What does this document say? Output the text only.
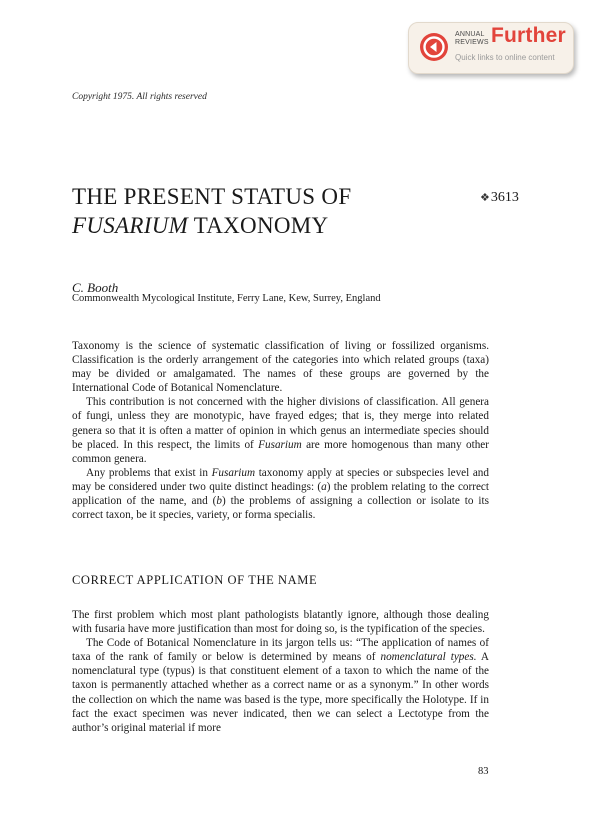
ANNUAL
REVIEWS Further
Quick links to online content
Copyright 1975. All rights reserved
THE PRESENT STATUS OF
FUSARIUM TAXONOMY
❖3613
C. Booth
Commonwealth Mycological Institute, Ferry Lane, Kew, Surrey, England

Taxonomy is the science of systematic classification of living or fossilized organisms. Classification is the orderly arrangement of the categories into which related groups (taxa) may be divided or amalgamated. The names of these groups are governed by the International Code of Botanical Nomenclature.

This contribution is not concerned with the higher divisions of classification. All genera of fungi, unless they are monotypic, have frayed edges; that is, they merge into related genera so that it is often a matter of opinion in which genus an intermediate species should be placed. In this respect, the limits of Fusarium are more homogenous than many other common genera.

Any problems that exist in Fusarium taxonomy apply at species or subspecies level and may be considered under two quite distinct headings: (a) the problem relating to the correct application of the name, and (b) the problems of assigning a collection or isolate to its correct taxon, be it species, variety, or forma specialis.

CORRECT APPLICATION OF THE NAME

The first problem which most plant pathologists blatantly ignore, although those dealing with fusaria have more justification than most for doing so, is the typification of the species.

The Code of Botanical Nomenclature in its jargon tells us: “The application of names of taxa of the rank of family or below is determined by means of nomenclatural types. A nomenclatural type (typus) is that constituent element of a taxon to which the name of the taxon is permanently attached whether as a correct name or as a synonym.” In other words the collection on which the name was based is the type, more specifically the Holotype. If in fact the exact specimen was never indicated, then we can select a Lectotype from the author’s original material if more

83
